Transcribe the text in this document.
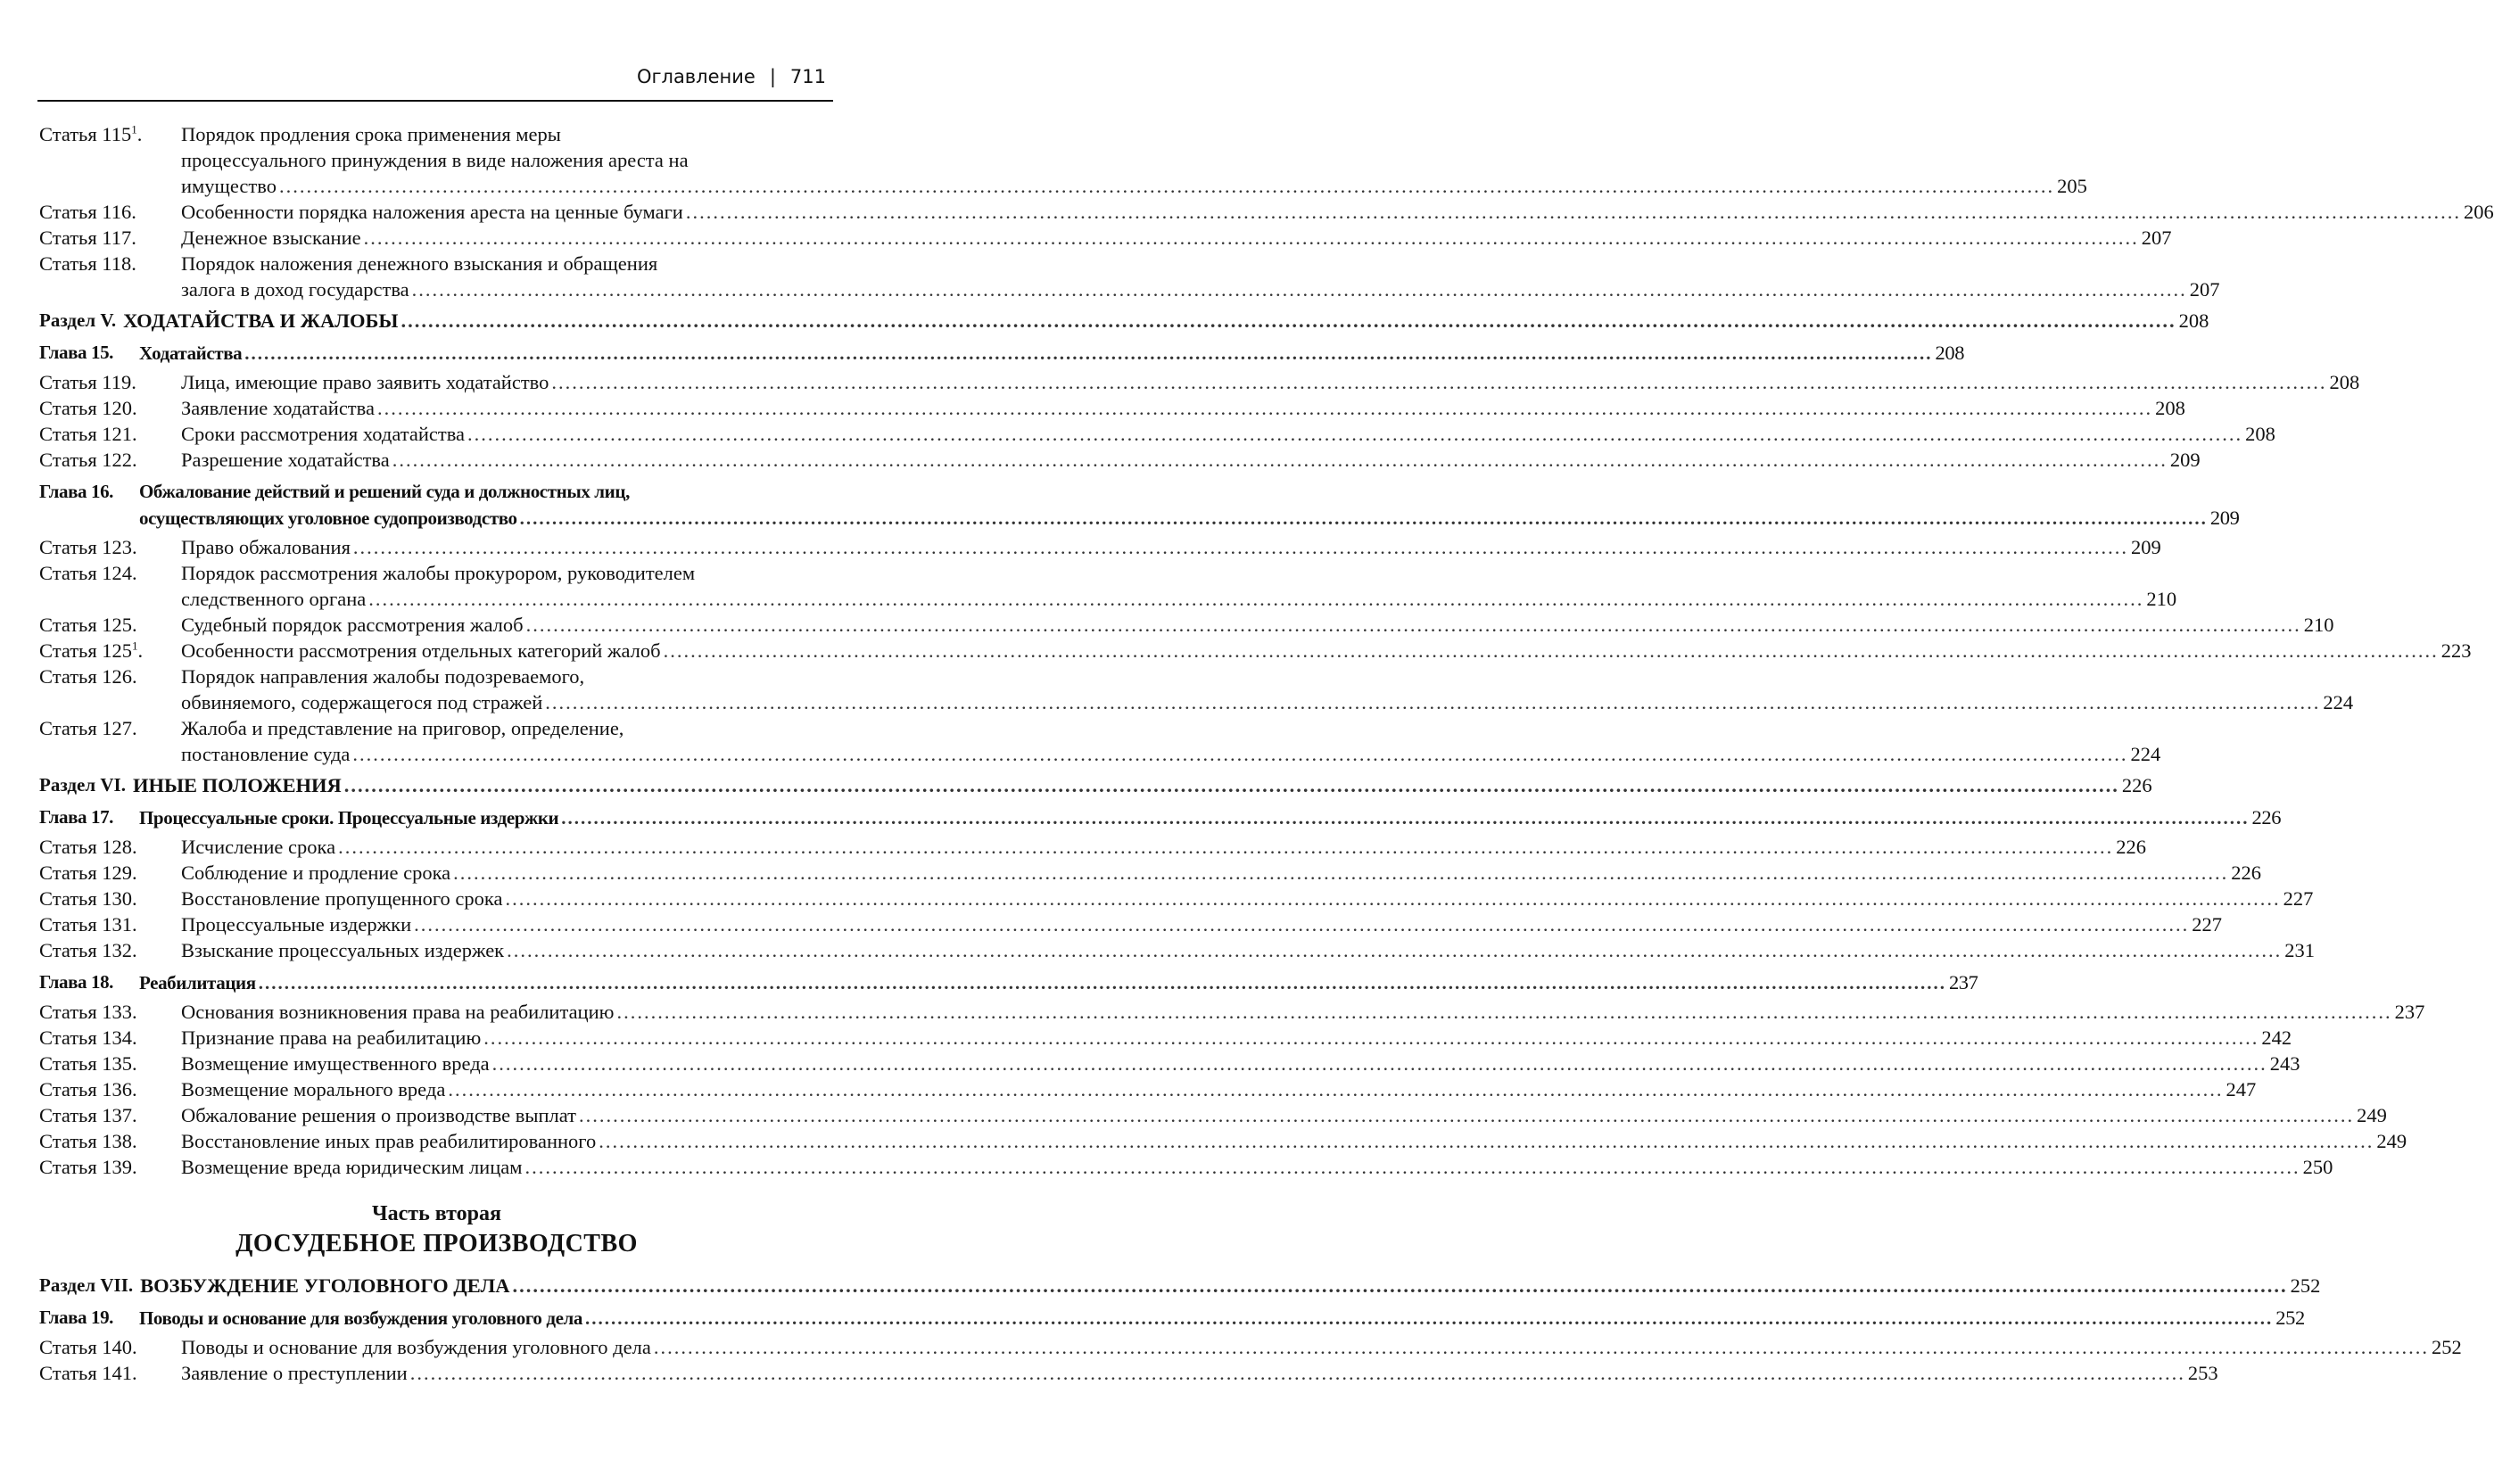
Оглавление | 711
Статья $115^1$.	Порядок продления срока применения меры
процессуального принуждения в виде наложения ареста на
имущество .....	205
Статья 116.	Особенности порядка наложения ареста на ценные бумаги .....	206
Статья 117.	Денежное взыскание .....	207
Статья 118.	Порядок наложения денежного взыскания и обращения
залога в доход государства .....	207
Раздел V. ХОДАТАЙСТВА И ЖАЛОБЫ .....	208
Глава 15.	Ходатайства .....	208
Статья 119.	Лица, имеющие право заявить ходатайство .....	208
Статья 120.	Заявление ходатайства .....	208
Статья 121.	Сроки рассмотрения ходатайства .....	208
Статья 122.	Разрешение ходатайства .....	209
Глава 16.	Обжалование действий и решений суда и должностных лиц,
осуществляющих уголовное судопроизводство .....	209
Статья 123.	Право обжалования .....	209
Статья 124.	Порядок рассмотрения жалобы прокурором, руководителем
следственного органа .....	210
Статья 125.	Судебный порядок рассмотрения жалоб .....	210
Статья $125^1$.	Особенности рассмотрения отдельных категорий жалоб .....	223
Статья 126.	Порядок направления жалобы подозреваемого,
обвиняемого, содержащегося под стражей .....	224
Статья 127.	Жалоба и представление на приговор, определение,
постановление суда .....	224
Раздел VI. ИНЫЕ ПОЛОЖЕНИЯ .....	226
Глава 17.	Процессуальные сроки. Процессуальные издержки .....	226
Статья 128.	Исчисление срока .....	226
Статья 129.	Соблюдение и продление срока .....	226
Статья 130.	Восстановление пропущенного срока .....	227
Статья 131.	Процессуальные издержки .....	227
Статья 132.	Взыскание процессуальных издержек .....	231
Глава 18.	Реабилитация .....	237
Статья 133.	Основания возникновения права на реабилитацию .....	237
Статья 134.	Признание права на реабилитацию .....	242
Статья 135.	Возмещение имущественного вреда .....	243
Статья 136.	Возмещение морального вреда .....	247
Статья 137.	Обжалование решения о производстве выплат .....	249
Статья 138.	Восстановление иных прав реабилитированного .....	249
Статья 139.	Возмещение вреда юридическим лицам .....	250
Часть вторая
ДОСУДЕБНОЕ ПРОИЗВОДСТВО
Раздел VII. ВОЗБУЖДЕНИЕ УГОЛОВНОГО ДЕЛА .....	252
Глава 19.	Поводы и основание для возбуждения уголовного дела .....	252
Статья 140.	Поводы и основание для возбуждения уголовного дела .....	252
Статья 141.	Заявление о преступлении .....	253
